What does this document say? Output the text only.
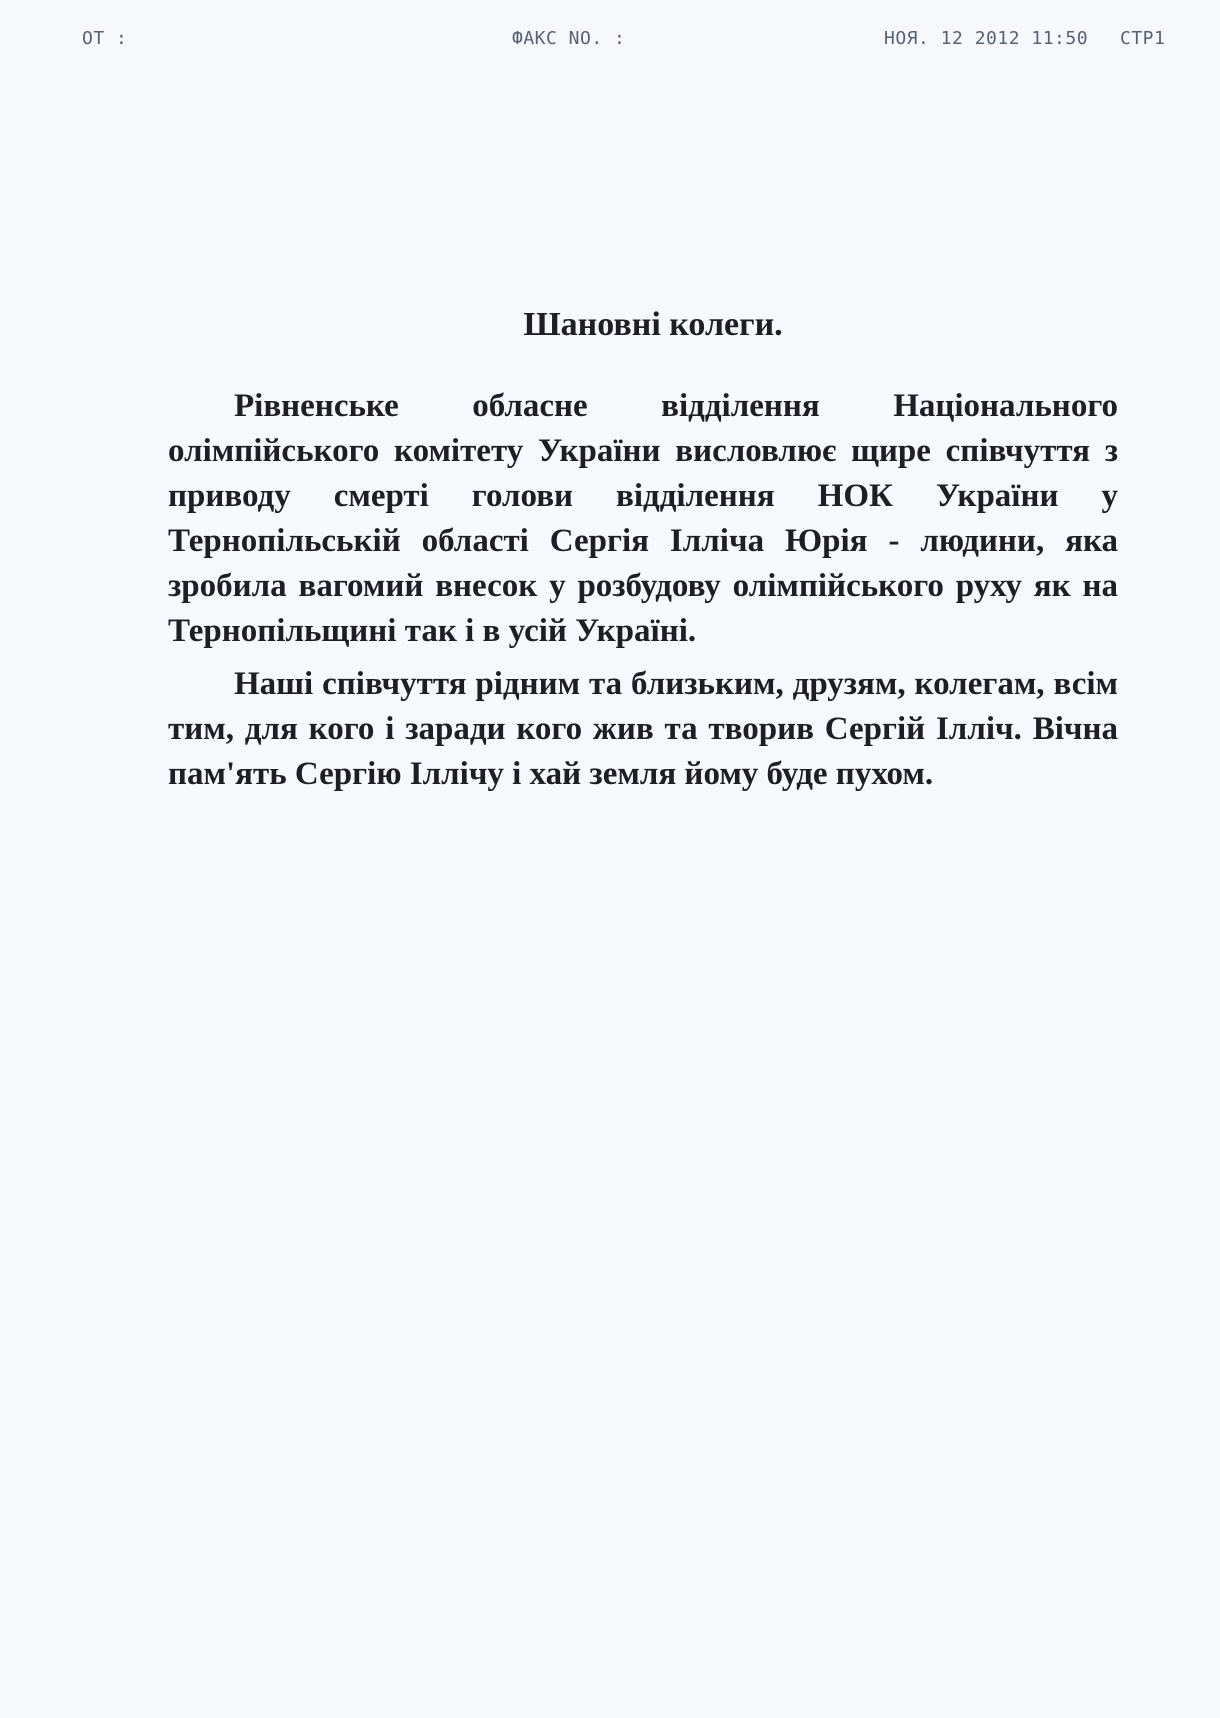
ОТ :	ФАКС NO. :	НОЯ. 12 2012 11:50 СТР1
Шановні колеги.

Рівненське обласне відділення Національного олімпійського комітету України висловлює щире співчуття з приводу смерті голови відділення НОК України у Тернопільській області Сергія Ілліча Юрія - людини, яка зробила вагомий внесок у розбудову олімпійського руху як на Тернопільщині так і в усій Україні.

Наші співчуття рідним та близьким, друзям, колегам, всім тим, для кого і заради кого жив та творив Сергій Ілліч. Вічна пам'ять Сергію Іллічу і хай земля йому буде пухом.
